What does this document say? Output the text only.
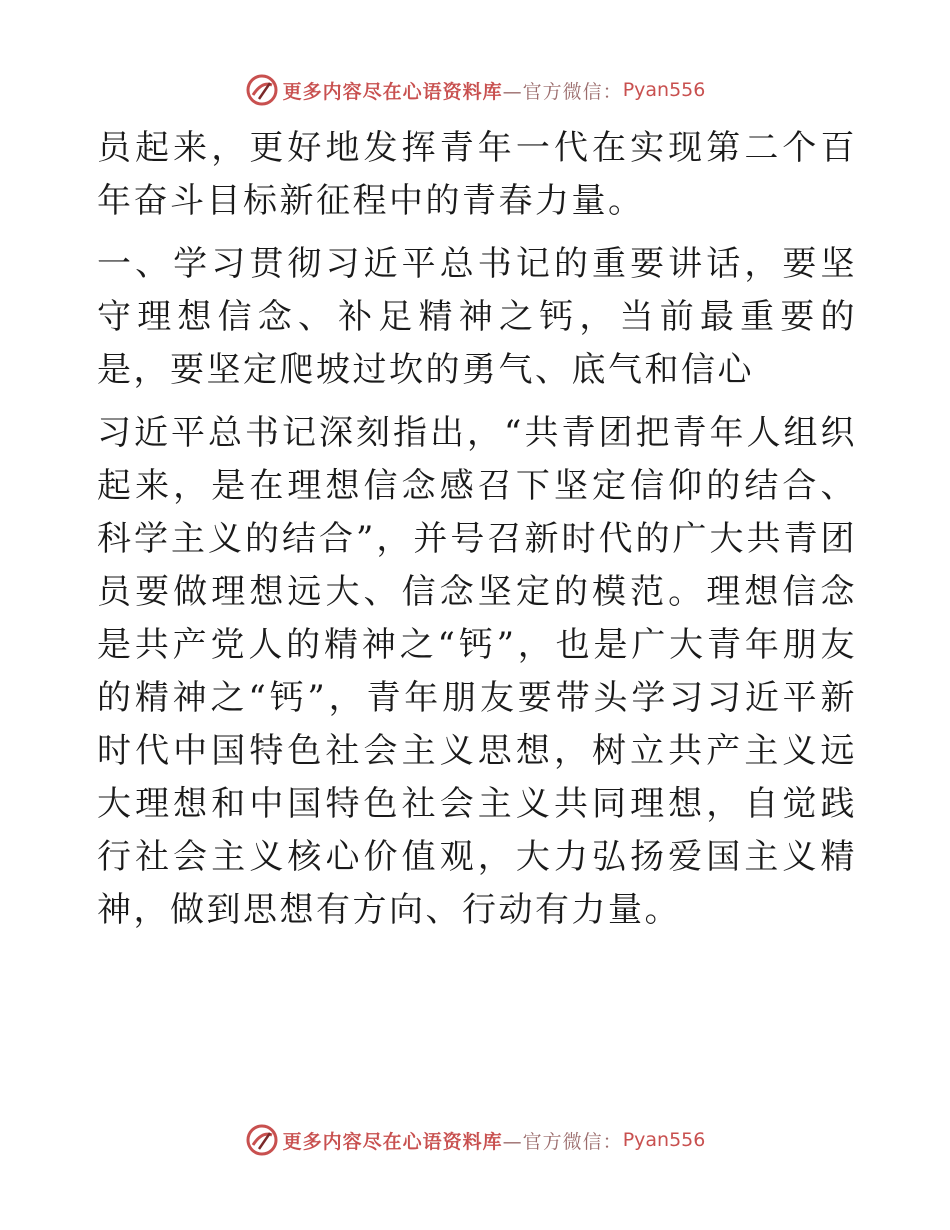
更多内容尽在心语资料库 —官方微信： Pyan556

员起来，更好地发挥青年一代在实现第二个百年奋斗目标新征程中的青春力量。

一、学习贯彻习近平总书记的重要讲话，要坚守理想信念、补足精神之钙，当前最重要的是，要坚定爬坡过坎的勇气、底气和信心

习近平总书记深刻指出，“共青团把青年人组织起来，是在理想信念感召下坚定信仰的结合、科学主义的结合”，并号召新时代的广大共青团员要做理想远大、信念坚定的模范。理想信念是共产党人的精神之“钙”，也是广大青年朋友的精神之“钙”，青年朋友要带头学习习近平新时代中国特色社会主义思想，树立共产主义远大理想和中国特色社会主义共同理想，自觉践行社会主义核心价值观，大力弘扬爱国主义精神，做到思想有方向、行动有力量。

更多内容尽在心语资料库 —官方微信： Pyan556
